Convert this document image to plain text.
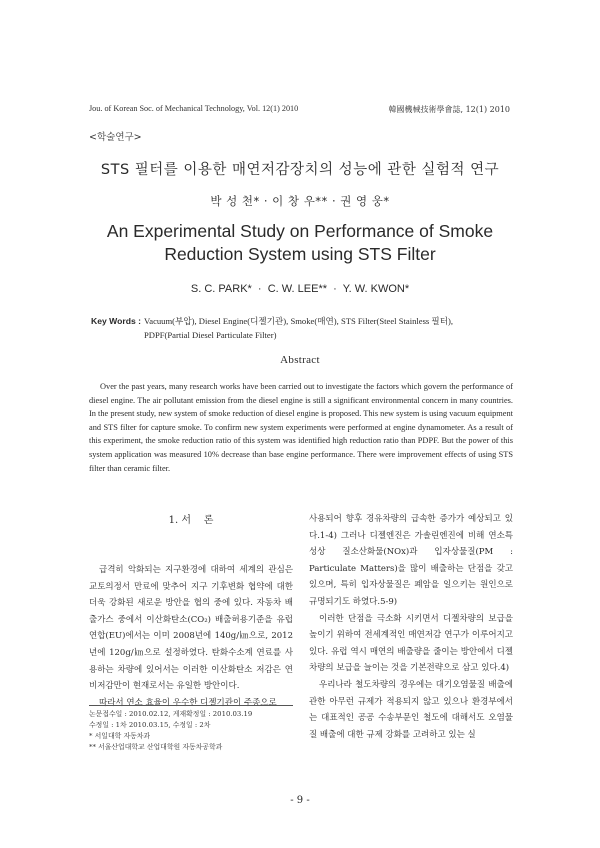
Jou. of Korean Soc. of Mechanical Technology, Vol. 12(1) 2010	韓國機械技術學會誌, 12(1) 2010
<학술연구>
STS 필터를 이용한 매연저감장치의 성능에 관한 실험적 연구
박 성 천* · 이 창 우** · 권 영 웅*
An Experimental Study on Performance of Smoke
Reduction System using STS Filter
S. C. PARK*  ·  C. W. LEE**  ·  Y. W. KWON*
Key Words : Vacuum(부압), Diesel Engine(디젤기관), Smoke(매연), STS Filter(Steel Stainless 필터),
PDPF(Partial Diesel Particulate Filter)
Abstract

Over the past years, many research works have been carried out to investigate the factors which govern the performance of diesel engine. The air pollutant emission from the diesel engine is still a significant environmental concern in many countries. In the present study, new system of smoke reduction of diesel engine is proposed. This new system is using vacuum equipment and STS filter for capture smoke. To confirm new system experiments were performed at engine dynamometer. As a result of this experiment, the smoke reduction ratio of this system was identified high reduction ratio than PDPF. But the power of this system application was measured 10% decrease than base engine performance. There were improvement effects of using STS filter than ceramic filter.

1. 서    론

급격히 악화되는 지구환경에 대하여 세계의 관심은 교토의정서 만료에 맞추어 지구 기후변화 협약에 대한 더욱 강화된 새로운 방안을 협의 중에 있다. 자동차 배출가스 중에서 이산화탄소(CO₂) 배출허용기준을 유럽연합(EU)에서는 이미 2008년에 140g/㎞으로, 2012년에 120g/㎞으로 설정하였다. 탄화수소계 연료를 사용하는 차량에 있어서는 이러한 이산화탄소 저감은 연비저감만이 현재로서는 유일한 방안이다.

따라서 연소 효율이 우수한 디젤기관이 주종으로

논문접수일 : 2010.02.12, 게재확정일 : 2010.03.19
수정일 : 1차 2010.03.15, 수정일 : 2차
* 서일대학 자동차과
** 서울산업대학교 산업대학원 자동차공학과

사용되어 향후 경유차량의 급속한 증가가 예상되고 있다.1-4) 그러나 디젤엔진은 가솔린엔진에 비해 연소특성상 질소산화물(NOx)과 입자상물질(PM : Particulate Matters)을 많이 배출하는 단점을 갖고 있으며, 특히 입자상물질은 폐암을 일으키는 원인으로 규명되기도 하였다.5-9)

이러한 단점을 극소화 시키면서 디젤차량의 보급을 높이기 위하여 전세계적인 매연저감 연구가 이루어지고 있다. 유럽 역시 매연의 배출량을 줄이는 방안에서 디젤차량의 보급을 늘이는 것을 기본전략으로 삼고 있다.4)

우리나라 철도차량의 경우에는 대기오염물질 배출에 관한 아무런 규제가 적용되지 않고 있으나 환경부에서는 대표적인 공공 수송부문인 철도에 대해서도 오염물질 배출에 대한 규제 강화를 고려하고 있는 실

- 9 -
